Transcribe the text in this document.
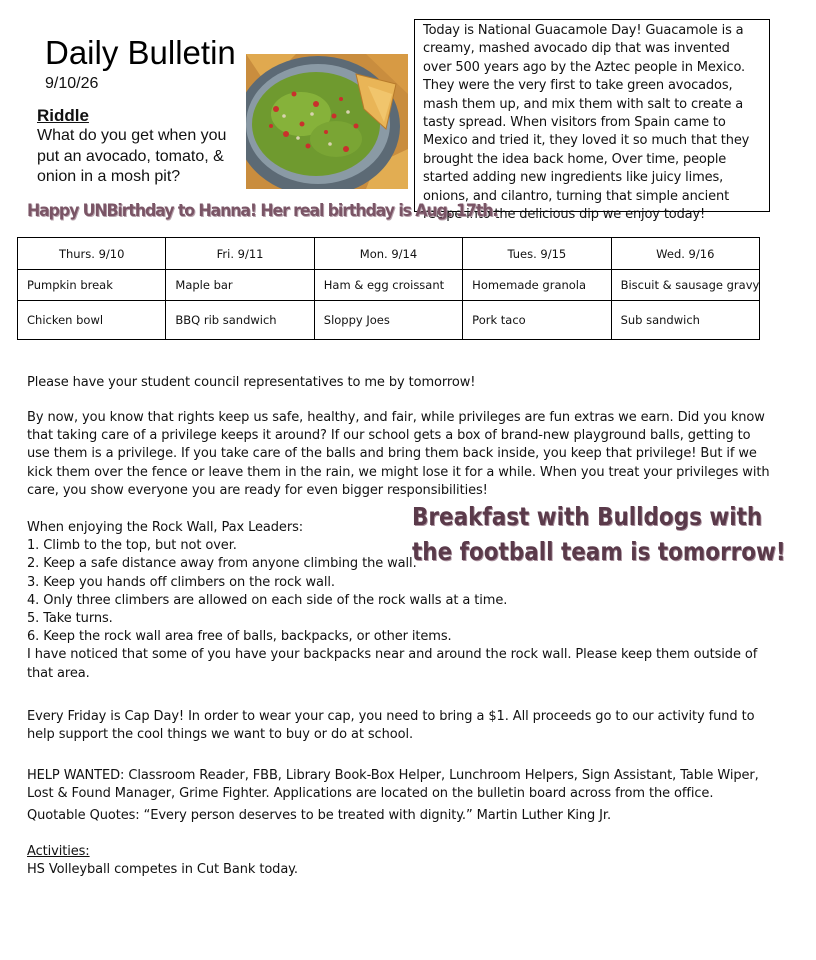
Daily Bulletin
9/10/26
Riddle
What do you get when you put an avocado, tomato, & onion in a mosh pit?
Today is National Guacamole Day! Guacamole is a creamy, mashed avocado dip that was invented over 500 years ago by the Aztec people in Mexico. They were the very first to take green avocados, mash them up, and mix them with salt to create a tasty spread. When visitors from Spain came to Mexico and tried it, they loved it so much that they brought the idea back home, Over time, people started adding new ingredients like juicy limes, onions, and cilantro, turning that simple ancient recipe into the delicious dip we enjoy today!
Happy UNBirthday to Hanna! Her real birthday is Aug. 17th.
Thurs. 9/10	Fri. 9/11	Mon. 9/14	Tues. 9/15	Wed. 9/16
Pumpkin break	Maple bar	Ham & egg croissant	Homemade granola	Biscuit & sausage gravy
Chicken bowl	BBQ rib sandwich	Sloppy Joes	Pork taco	Sub sandwich
Please have your student council representatives to me by tomorrow!
By now, you know that rights keep us safe, healthy, and fair, while privileges are fun extras we earn. Did you know that taking care of a privilege keeps it around? If our school gets a box of brand-new playground balls, getting to use them is a privilege. If you take care of the balls and bring them back inside, you keep that privilege! But if we kick them over the fence or leave them in the rain, we might lose it for a while. When you treat your privileges with care, you show everyone you are ready for even bigger responsibilities!
When enjoying the Rock Wall, Pax Leaders:
1. Climb to the top, but not over.
2. Keep a safe distance away from anyone climbing the wall.
3. Keep you hands off climbers on the rock wall.
4. Only three climbers are allowed on each side of the rock walls at a time.
5. Take turns.
6. Keep the rock wall area free of balls, backpacks, or other items.
I have noticed that some of you have your backpacks near and around the rock wall. Please keep them outside of that area.
Breakfast with Bulldogs with
the football team is tomorrow!
Every Friday is Cap Day! In order to wear your cap, you need to bring a $1. All proceeds go to our activity fund to help support the cool things we want to buy or do at school.
HELP WANTED: Classroom Reader, FBB, Library Book-Box Helper, Lunchroom Helpers, Sign Assistant, Table Wiper, Lost & Found Manager, Grime Fighter. Applications are located on the bulletin board across from the office.
Quotable Quotes: “Every person deserves to be treated with dignity.” Martin Luther King Jr.
Activities:
HS Volleyball competes in Cut Bank today.
